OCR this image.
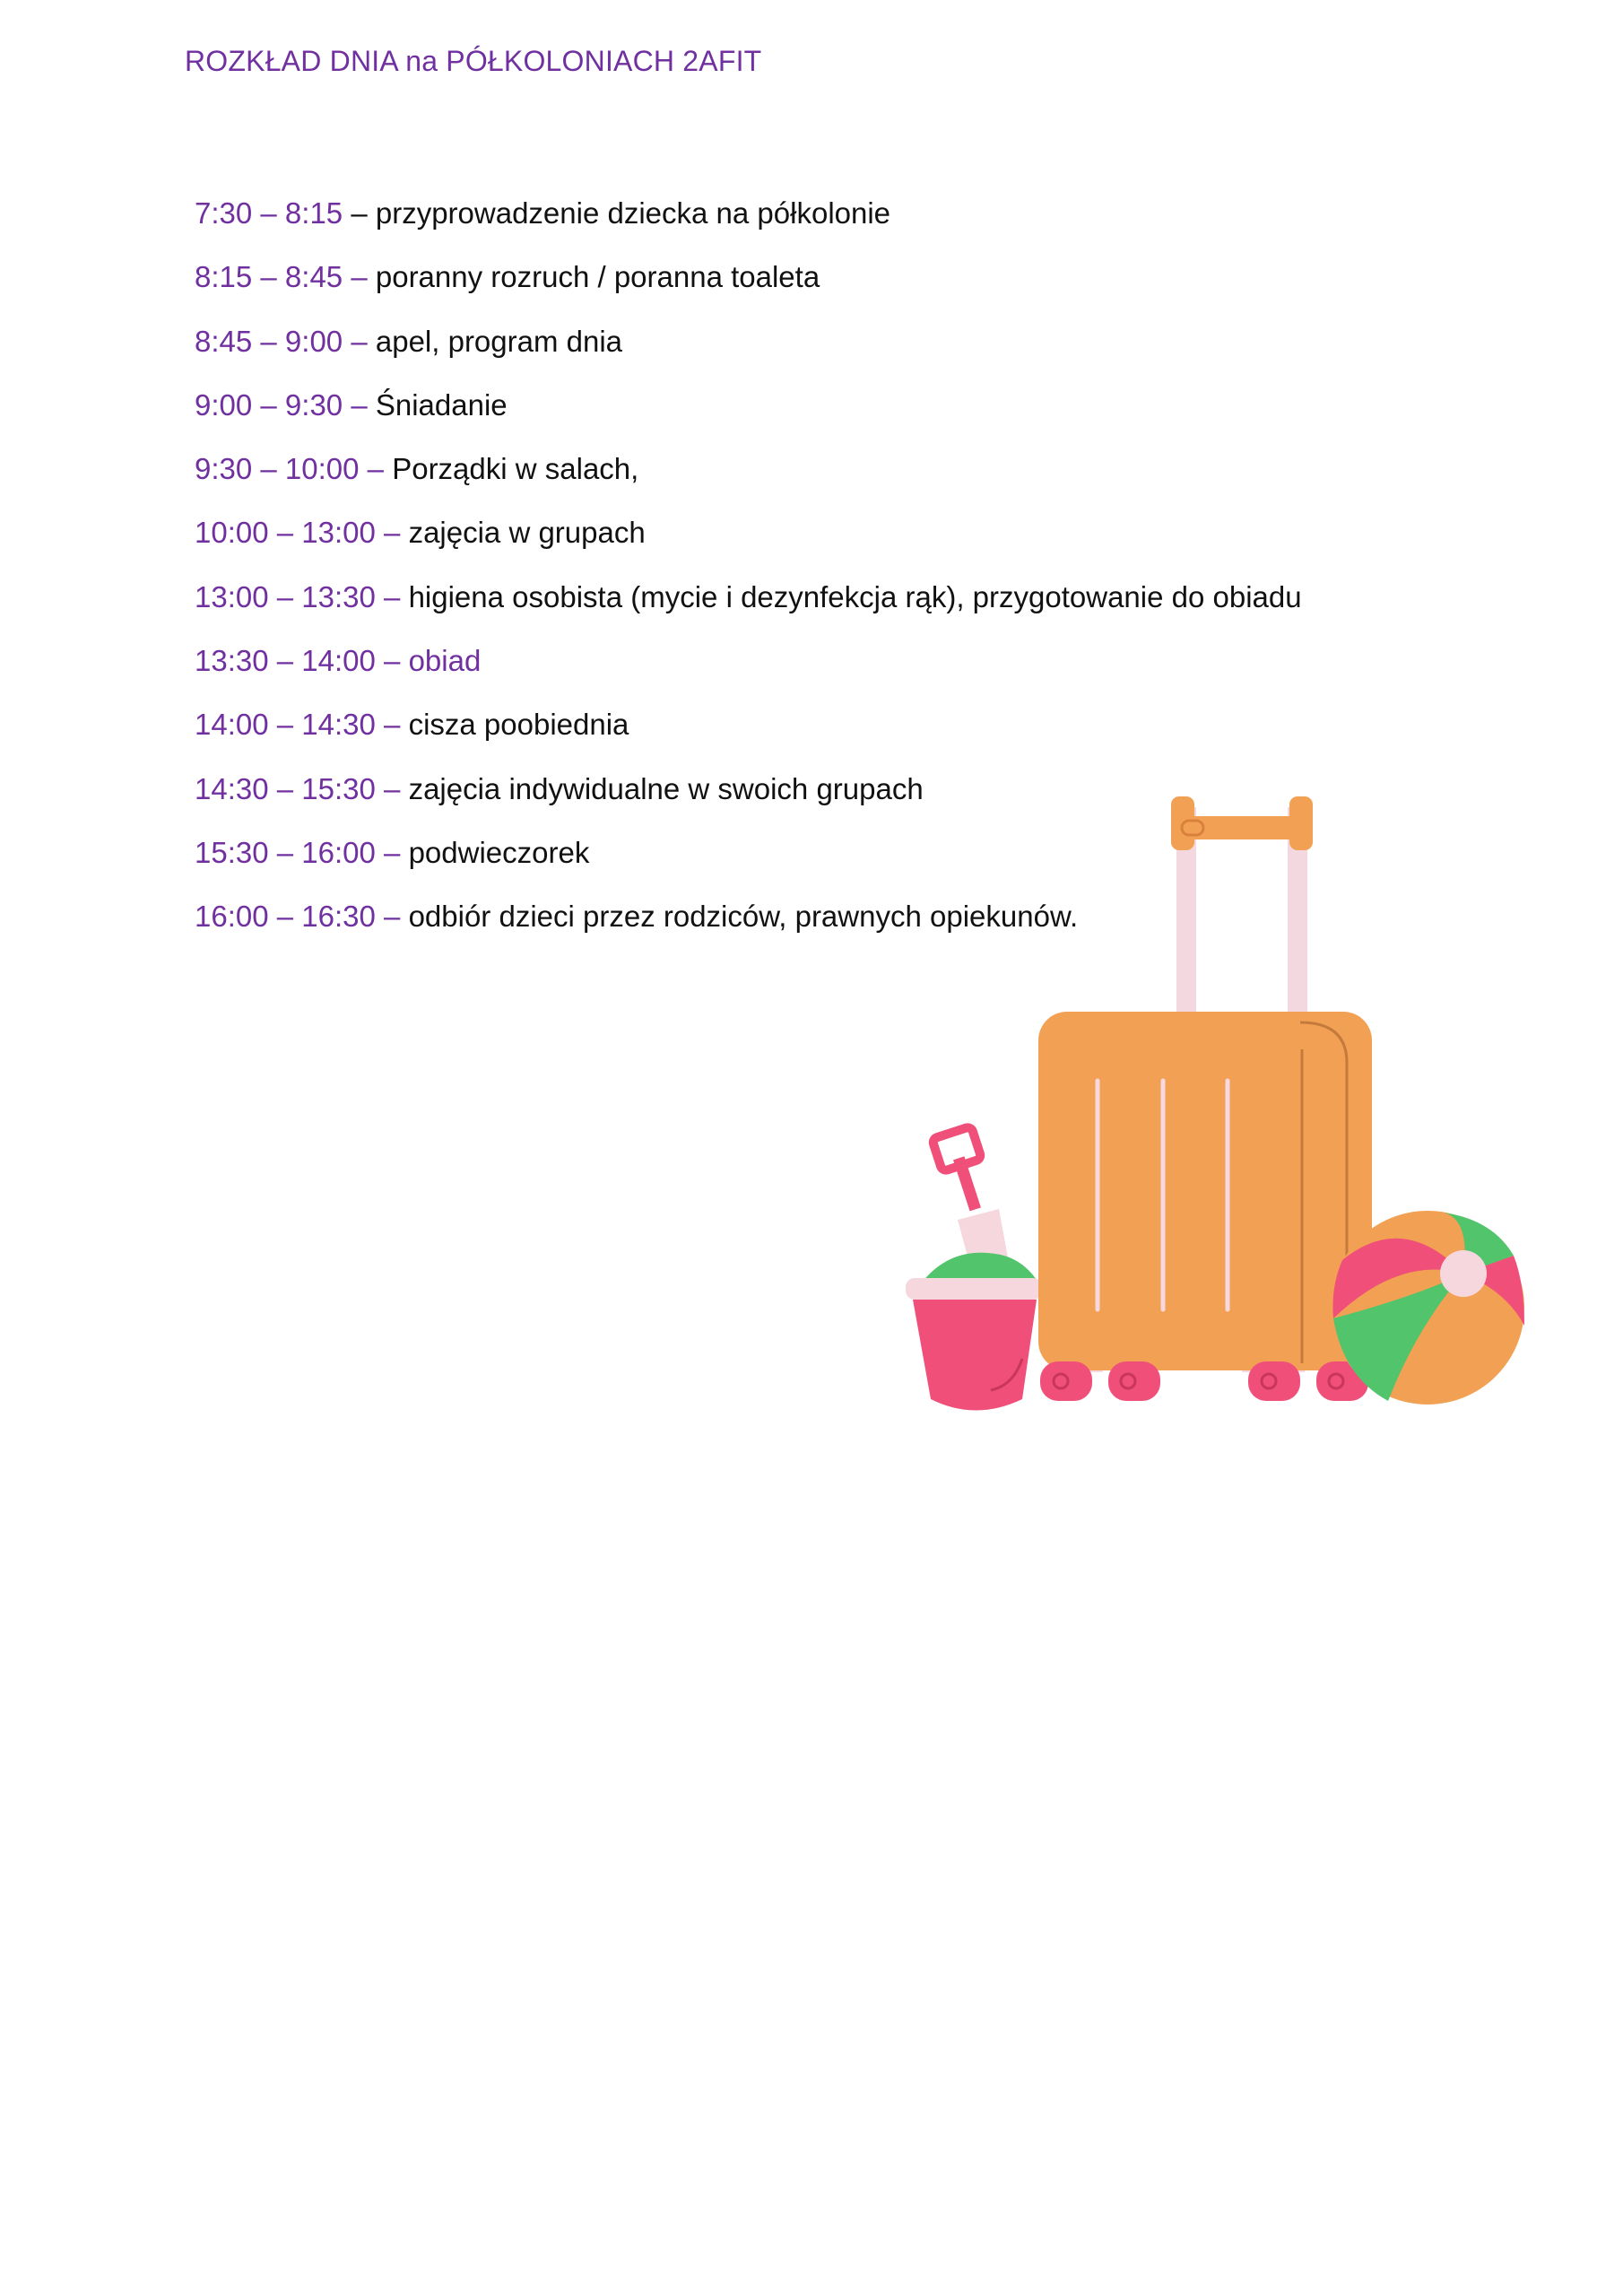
ROZKŁAD DNIA na PÓŁKOLONIACH 2AFIT
7:30 – 8:15 – przyprowadzenie dziecka na półkolonie
8:15 – 8:45 – poranny rozruch / poranna toaleta
8:45 – 9:00 – apel, program dnia
9:00 – 9:30 – Śniadanie
9:30 – 10:00 – Porządki w salach,
10:00 – 13:00 – zajęcia w grupach
13:00 – 13:30 – higiena osobista (mycie i dezynfekcja rąk), przygotowanie do obiadu
13:30 – 14:00 – obiad
14:00 – 14:30 – cisza poobiednia
14:30 – 15:30 – zajęcia indywidualne w swoich grupach
15:30 – 16:00 – podwieczorek
16:00 – 16:30 – odbiór dzieci przez rodziców, prawnych opiekunów.
